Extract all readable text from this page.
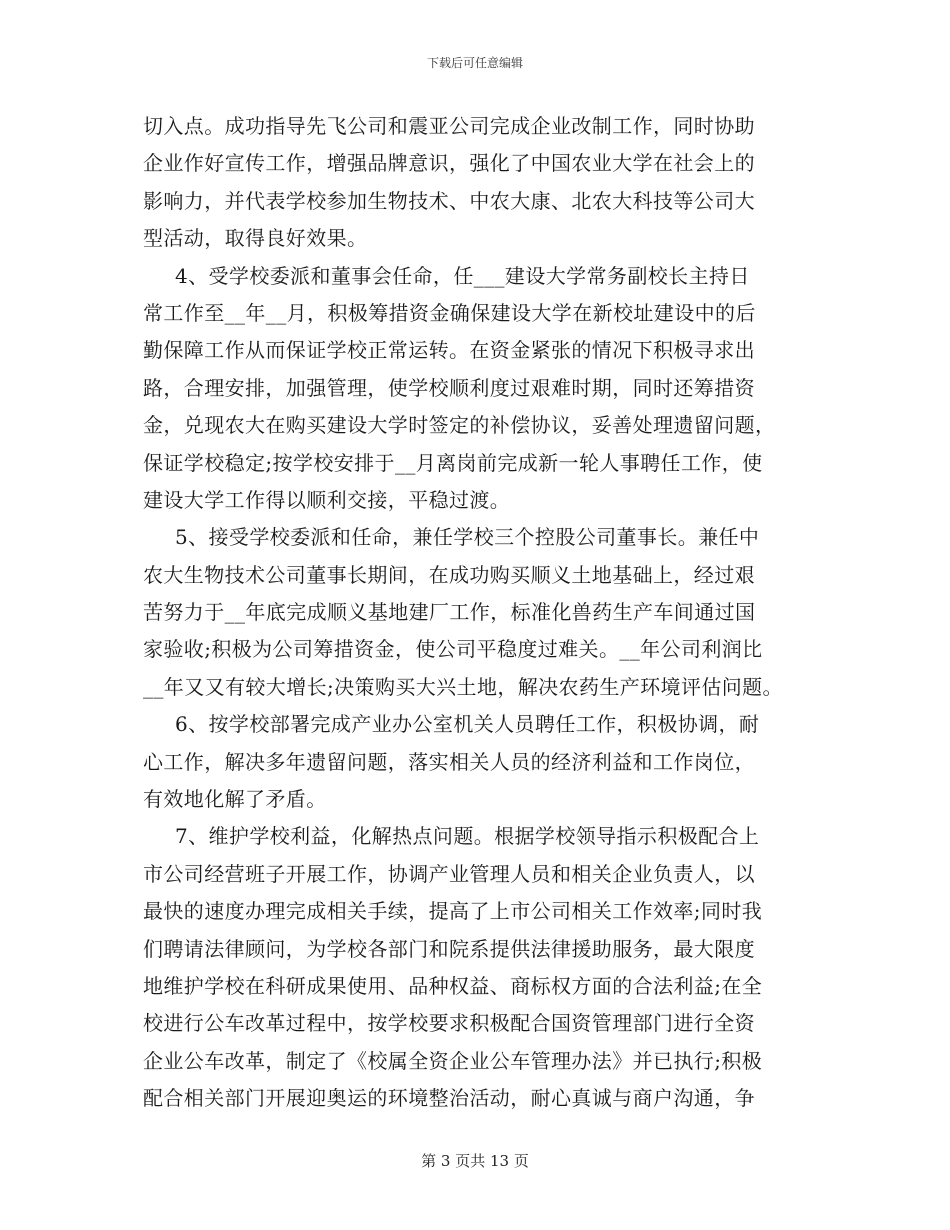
下载后可任意编辑
切入点。成功指导先飞公司和震亚公司完成企业改制工作，同时协助
企业作好宣传工作，增强品牌意识，强化了中国农业大学在社会上的
影响力，并代表学校参加生物技术、中农大康、北农大科技等公司大
型活动，取得良好效果。
4、受学校委派和董事会任命，任___建设大学常务副校长主持日
常工作至__年__月，积极筹措资金确保建设大学在新校址建设中的后
勤保障工作从而保证学校正常运转。在资金紧张的情况下积极寻求出
路，合理安排，加强管理，使学校顺利度过艰难时期，同时还筹措资
金，兑现农大在购买建设大学时签定的补偿协议，妥善处理遗留问题，
保证学校稳定;按学校安排于__月离岗前完成新一轮人事聘任工作，使
建设大学工作得以顺利交接，平稳过渡。
5、接受学校委派和任命，兼任学校三个控股公司董事长。兼任中
农大生物技术公司董事长期间，在成功购买顺义土地基础上，经过艰
苦努力于__年底完成顺义基地建厂工作，标准化兽药生产车间通过国
家验收;积极为公司筹措资金，使公司平稳度过难关。__年公司利润比
__年又又有较大增长;决策购买大兴土地，解决农药生产环境评估问题。
6、按学校部署完成产业办公室机关人员聘任工作，积极协调，耐
心工作，解决多年遗留问题，落实相关人员的经济利益和工作岗位，
有效地化解了矛盾。
7、维护学校利益，化解热点问题。根据学校领导指示积极配合上
市公司经营班子开展工作，协调产业管理人员和相关企业负责人，以
最快的速度办理完成相关手续，提高了上市公司相关工作效率;同时我
们聘请法律顾问，为学校各部门和院系提供法律援助服务，最大限度
地维护学校在科研成果使用、品种权益、商标权方面的合法利益;在全
校进行公车改革过程中，按学校要求积极配合国资管理部门进行全资
企业公车改革，制定了《校属全资企业公车管理办法》并已执行;积极
配合相关部门开展迎奥运的环境整治活动，耐心真诚与商户沟通，争
第 3 页共 13 页
